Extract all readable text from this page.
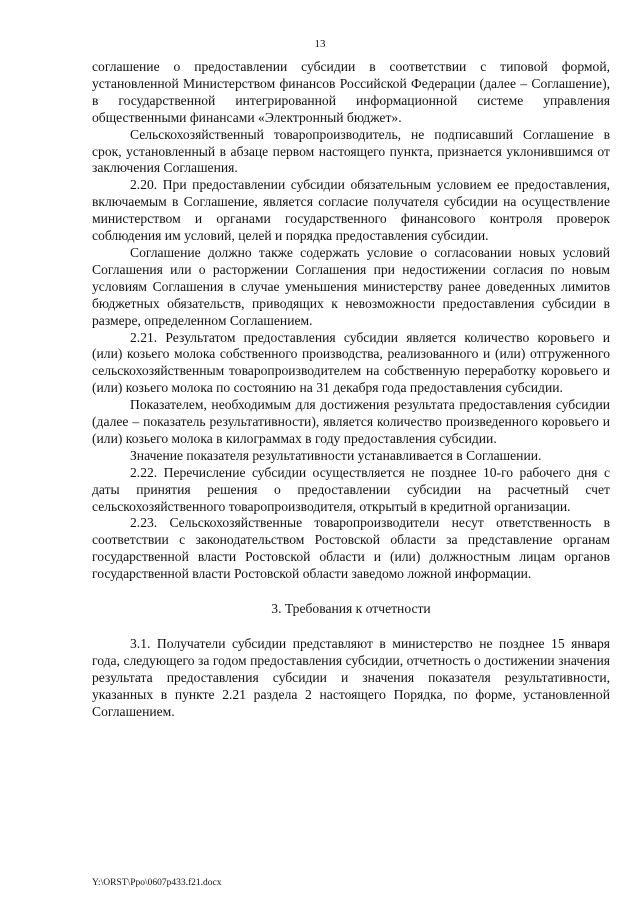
13

соглашение о предоставлении субсидии в соответствии с типовой формой, установленной Министерством финансов Российской Федерации (далее – Соглашение), в государственной интегрированной информационной системе управления общественными финансами «Электронный бюджет».

Сельскохозяйственный товаропроизводитель, не подписавший Соглашение в срок, установленный в абзаце первом настоящего пункта, признается уклонившимся от заключения Соглашения.

2.20. При предоставлении субсидии обязательным условием ее предоставления, включаемым в Соглашение, является согласие получателя субсидии на осуществление министерством и органами государственного финансового контроля проверок соблюдения им условий, целей и порядка предоставления субсидии.

Соглашение должно также содержать условие о согласовании новых условий Соглашения или о расторжении Соглашения при недостижении согласия по новым условиям Соглашения в случае уменьшения министерству ранее доведенных лимитов бюджетных обязательств, приводящих к невозможности предоставления субсидии в размере, определенном Соглашением.

2.21. Результатом предоставления субсидии является количество коровьего и (или) козьего молока собственного производства, реализованного и (или) отгруженного сельскохозяйственным товаропроизводителем на собственную переработку коровьего и (или) козьего молока по состоянию на 31 декабря года предоставления субсидии.

Показателем, необходимым для достижения результата предоставления субсидии (далее – показатель результативности), является количество произведенного коровьего и (или) козьего молока в килограммах в году предоставления субсидии.

Значение показателя результативности устанавливается в Соглашении.

2.22. Перечисление субсидии осуществляется не позднее 10-го рабочего дня с даты принятия решения о предоставлении субсидии на расчетный счет сельскохозяйственного товаропроизводителя, открытый в кредитной организации.

2.23. Сельскохозяйственные товаропроизводители несут ответственность в соответствии с законодательством Ростовской области за представление органам государственной власти Ростовской области и (или) должностным лицам органов государственной власти Ростовской области заведомо ложной информации.

3. Требования к отчетности

3.1. Получатели субсидии представляют в министерство не позднее 15 января года, следующего за годом предоставления субсидии, отчетность о достижении значения результата предоставления субсидии и значения показателя результативности, указанных в пункте 2.21 раздела 2 настоящего Порядка, по форме, установленной Соглашением.

Y:\ORST\Ppo\0607p433.f21.docx
